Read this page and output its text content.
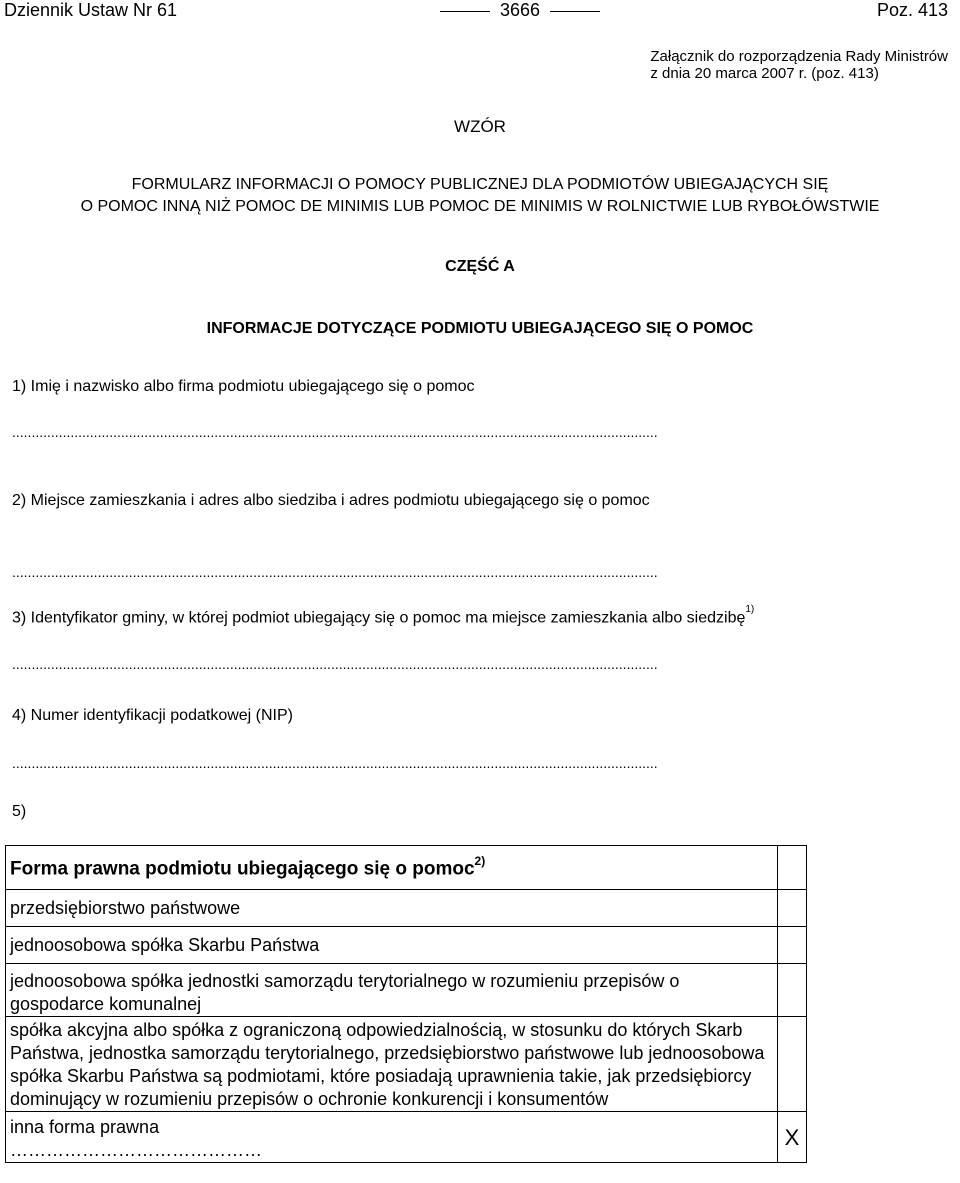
Dziennik Ustaw Nr 61	3666	Poz. 413
Załącznik do rozporządzenia Rady Ministrów
z dnia 20 marca 2007 r. (poz. 413)
WZÓR
FORMULARZ INFORMACJI O POMOCY PUBLICZNEJ DLA PODMIOTÓW UBIEGAJĄCYCH SIĘ
O POMOC INNĄ NIŻ POMOC DE MINIMIS LUB POMOC DE MINIMIS W ROLNICTWIE LUB RYBOŁÓWSTWIE
CZĘŚĆ A
INFORMACJE DOTYCZĄCE PODMIOTU UBIEGAJĄCEGO SIĘ O POMOC
1) Imię i nazwisko albo firma podmiotu ubiegającego się o pomoc
......................................................................................................................................................................
2) Miejsce zamieszkania i adres albo siedziba i adres podmiotu ubiegającego się o pomoc
......................................................................................................................................................................
3) Identyfikator gminy, w której podmiot ubiegający się o pomoc ma miejsce zamieszkania albo siedzibę$^{1)}$
......................................................................................................................................................................
4) Numer identyfikacji podatkowej (NIP)
......................................................................................................................................................................
5)
Forma prawna podmiotu ubiegającego się o pomoc$^{2)}$	
przedsiębiorstwo państwowe	
jednoosobowa spółka Skarbu Państwa	
jednoosobowa spółka jednostki samorządu terytorialnego w rozumieniu przepisów o gospodarce komunalnej	
spółka akcyjna albo spółka z ograniczoną odpowiedzialnością, w stosunku do których Skarb Państwa, jednostka samorządu terytorialnego, przedsiębiorstwo państwowe lub jednoosobowa spółka Skarbu Państwa są podmiotami, które posiadają uprawnienia takie, jak przedsiębiorcy dominujący w rozumieniu przepisów o ochronie konkurencji i konsumentów	

inna forma prawna
……………………………………	X
